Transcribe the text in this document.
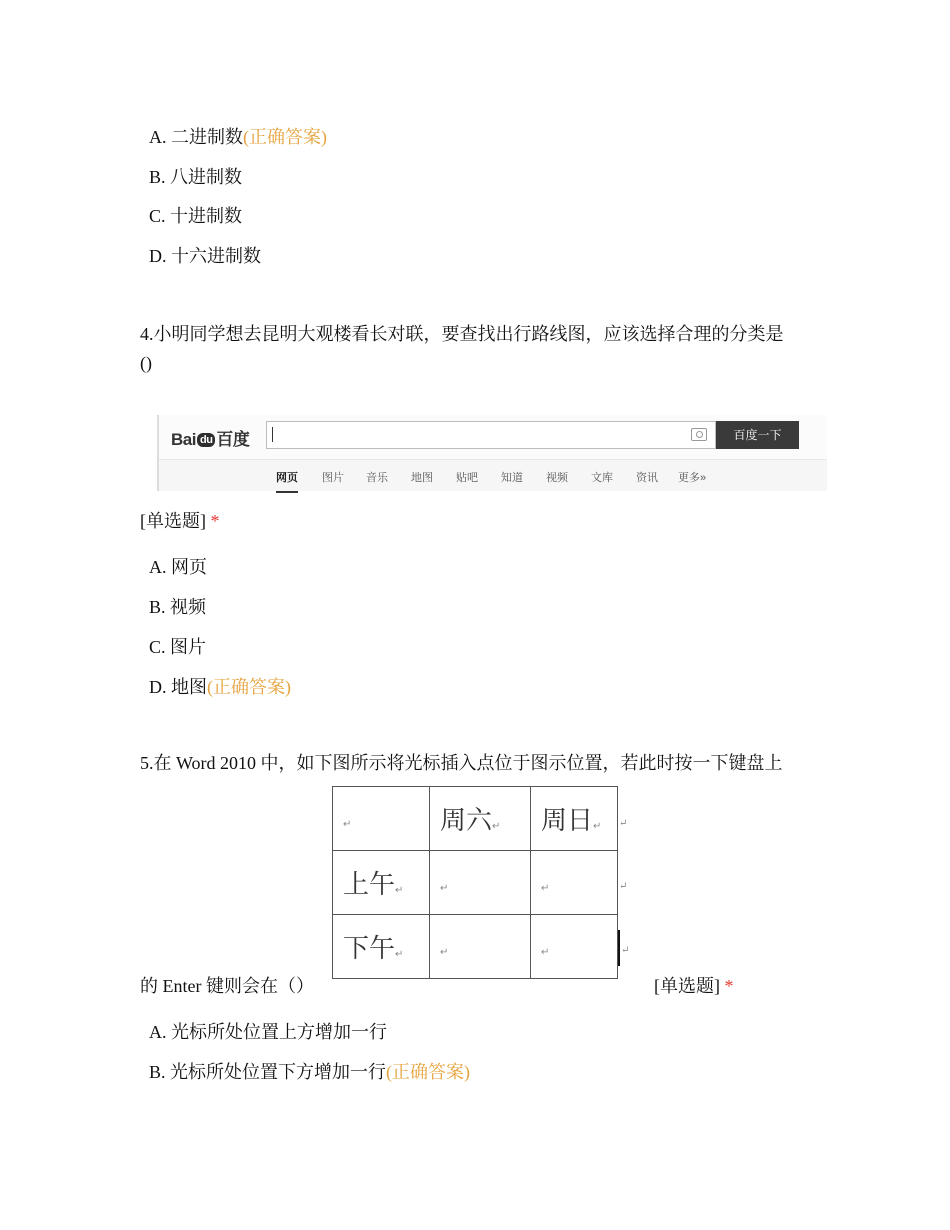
A. 二进制数(正确答案)
B. 八进制数
C. 十进制数
D. 十六进制数
4.小明同学想去昆明大观楼看长对联，要查找出行路线图，应该选择合理的分类是
()
Bai du 百度	百度一下
网页 图片 音乐 地图 贴吧 知道 视频 文库 资讯 更多»
[单选题] *
A. 网页
B. 视频
C. 图片
D. 地图(正确答案)
5.在 Word 2010 中，如下图所示将光标插入点位于图示位置，若此时按一下键盘上
↵	周六↵	周日↵
上午↵	↵	↵
下午↵	↵	↵
↵
↵
↵
的 Enter 键则会在（）	[单选题] *
A. 光标所处位置上方增加一行
B. 光标所处位置下方增加一行(正确答案)
